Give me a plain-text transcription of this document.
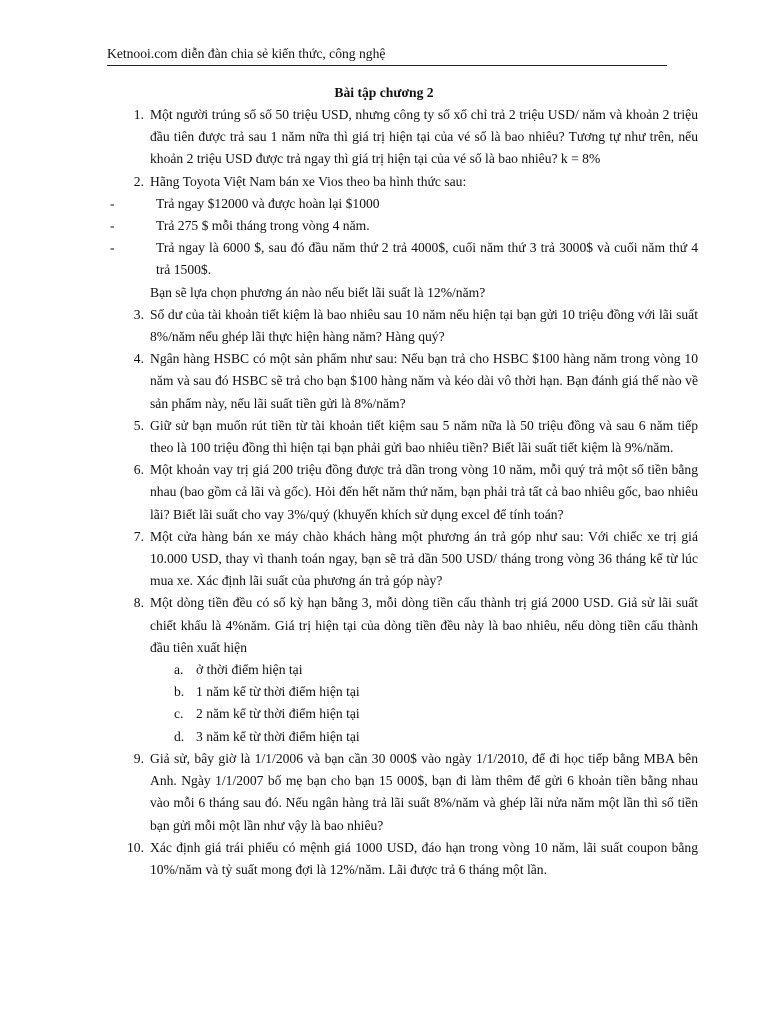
Ketnooi.com diễn đàn chia sẻ kiến thức, công nghệ
Bài tập chương 2
1. Một người trúng số số 50 triệu USD, nhưng công ty số xố chỉ trả 2 triệu USD/ năm và khoản 2 triệu đầu tiên được trả sau 1 năm nữa thì giá trị hiện tại của vé số là bao nhiêu? Tương tự như trên, nếu khoản 2 triệu USD được trả ngay thì giá trị hiện tại của vé số là bao nhiêu? k = 8%
2. Hãng Toyota Việt Nam bán xe Vios theo ba hình thức sau:
-	Trả ngay $12000 và được hoàn lại $1000
-	Trả 275 $ mỗi tháng trong vòng 4 năm.
-	Trả ngay là 6000 $, sau đó đầu năm thứ 2 trả 4000$, cuối năm thứ 3 trả 3000$ và cuối năm thứ 4 trả 1500$.
Bạn sẽ lựa chọn phương án nào nếu biết lãi suất là 12%/năm?
3. Số dư của tài khoản tiết kiệm là bao nhiêu sau 10 năm nếu hiện tại bạn gửi 10 triệu đồng với lãi suất 8%/năm nếu ghép lãi thực hiện hàng năm? Hàng quý?
4. Ngân hàng HSBC có một sản phẩm như sau: Nếu bạn trả cho HSBC $100 hàng năm trong vòng 10 năm và sau đó HSBC sẽ trả cho bạn $100 hàng năm và kéo dài vô thời hạn. Bạn đánh giá thế nào về sản phẩm này, nếu lãi suất tiền gửi là 8%/năm?
5. Giữ sử bạn muốn rút tiền từ tài khoản tiết kiệm sau 5 năm nữa là 50 triệu đồng và sau 6 năm tiếp theo là 100 triệu đồng thì hiện tại bạn phải gửi bao nhiêu tiền? Biết lãi suất tiết kiệm là 9%/năm.
6. Một khoản vay trị giá 200 triệu đồng được trả dần trong vòng 10 năm, mỗi quý trả một số tiền bằng nhau (bao gồm cả lãi và gốc). Hỏi đến hết năm thứ năm, bạn phải trả tất cả bao nhiêu gốc, bao nhiêu lãi? Biết lãi suất cho vay 3%/quý (khuyến khích sử dụng excel để tính toán?
7. Một cửa hàng bán xe máy chào khách hàng một phương án trả góp như sau: Với chiếc xe trị giá 10.000 USD, thay vì thanh toán ngay, bạn sẽ trả dần 500 USD/ tháng trong vòng 36 tháng kể từ lúc mua xe. Xác định lãi suất của phương án trả góp này?
8. Một dòng tiền đều có số kỳ hạn bằng 3, mỗi dòng tiền cấu thành trị giá 2000 USD. Giả sử lãi suất chiết khấu là 4%năm. Giá trị hiện tại của dòng tiền đều này là bao nhiêu, nếu dòng tiền cấu thành đầu tiên xuất hiện
a. ở thời điểm hiện tại
b. 1 năm kể từ thời điểm hiện tại
c. 2 năm kể từ thời điểm hiện tại
d. 3 năm kể từ thời điểm hiện tại
9. Giả sử, bây giờ là 1/1/2006 và bạn cần 30 000$ vào ngày 1/1/2010, để đi học tiếp bằng MBA bên Anh. Ngày 1/1/2007 bố mẹ bạn cho bạn 15 000$, bạn đi làm thêm để gửi 6 khoản tiền bằng nhau vào mỗi 6 tháng sau đó. Nếu ngân hàng trả lãi suất 8%/năm và ghép lãi nửa năm một lần thì số tiền bạn gửi mỗi một lần như vậy là bao nhiêu?
10. Xác định giá trái phiếu có mệnh giá 1000 USD, đáo hạn trong vòng 10 năm, lãi suất coupon bằng 10%/năm và tỷ suất mong đợi là 12%/năm. Lãi được trả 6 tháng một lần.
